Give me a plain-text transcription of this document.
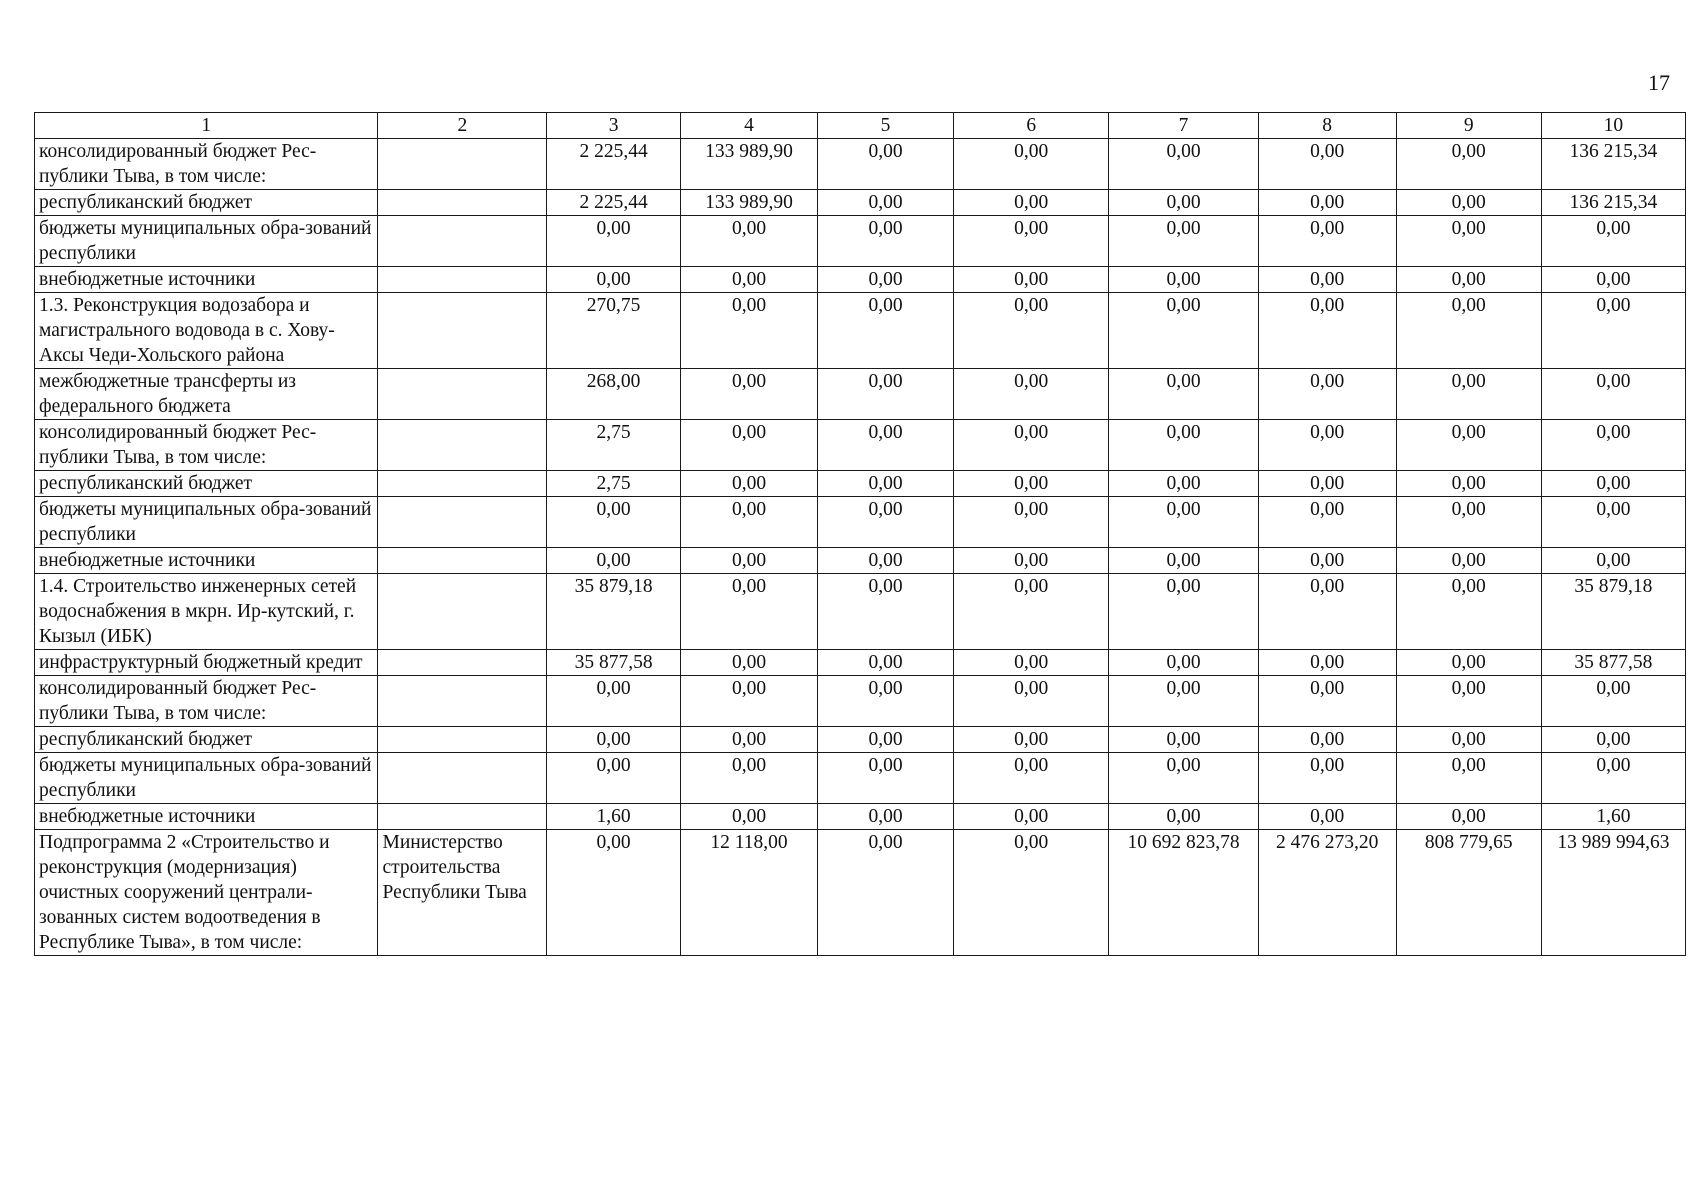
17
1	2	3	4	5	6	7	8	9	10
консолидированный бюджет Рес-публики Тыва, в том числе:		2 225,44	133 989,90	0,00	0,00	0,00	0,00	0,00	136 215,34
республиканский бюджет		2 225,44	133 989,90	0,00	0,00	0,00	0,00	0,00	136 215,34
бюджеты муниципальных обра-зований республики		0,00	0,00	0,00	0,00	0,00	0,00	0,00	0,00
внебюджетные источники		0,00	0,00	0,00	0,00	0,00	0,00	0,00	0,00
1.3. Реконструкция водозабора и магистрального водовода в с. Хову-Аксы Чеди-Хольского района		270,75	0,00	0,00	0,00	0,00	0,00	0,00	0,00
межбюджетные трансферты из федерального бюджета		268,00	0,00	0,00	0,00	0,00	0,00	0,00	0,00
консолидированный бюджет Рес-публики Тыва, в том числе:		2,75	0,00	0,00	0,00	0,00	0,00	0,00	0,00
республиканский бюджет		2,75	0,00	0,00	0,00	0,00	0,00	0,00	0,00
бюджеты муниципальных обра-зований республики		0,00	0,00	0,00	0,00	0,00	0,00	0,00	0,00
внебюджетные источники		0,00	0,00	0,00	0,00	0,00	0,00	0,00	0,00
1.4. Строительство инженерных сетей водоснабжения в мкрн. Ир-кутский, г. Кызыл (ИБК)		35 879,18	0,00	0,00	0,00	0,00	0,00	0,00	35 879,18
инфраструктурный бюджетный кредит		35 877,58	0,00	0,00	0,00	0,00	0,00	0,00	35 877,58
консолидированный бюджет Рес-публики Тыва, в том числе:		0,00	0,00	0,00	0,00	0,00	0,00	0,00	0,00
республиканский бюджет		0,00	0,00	0,00	0,00	0,00	0,00	0,00	0,00
бюджеты муниципальных обра-зований республики		0,00	0,00	0,00	0,00	0,00	0,00	0,00	0,00
внебюджетные источники		1,60	0,00	0,00	0,00	0,00	0,00	0,00	1,60
Подпрограмма 2 «Строительство и реконструкция (модернизация) очистных сооружений централи-зованных систем водоотведения в Республике Тыва», в том числе:	Министерство строительства Республики Тыва	0,00	12 118,00	0,00	0,00	10 692 823,78	2 476 273,20	808 779,65	13 989 994,63
